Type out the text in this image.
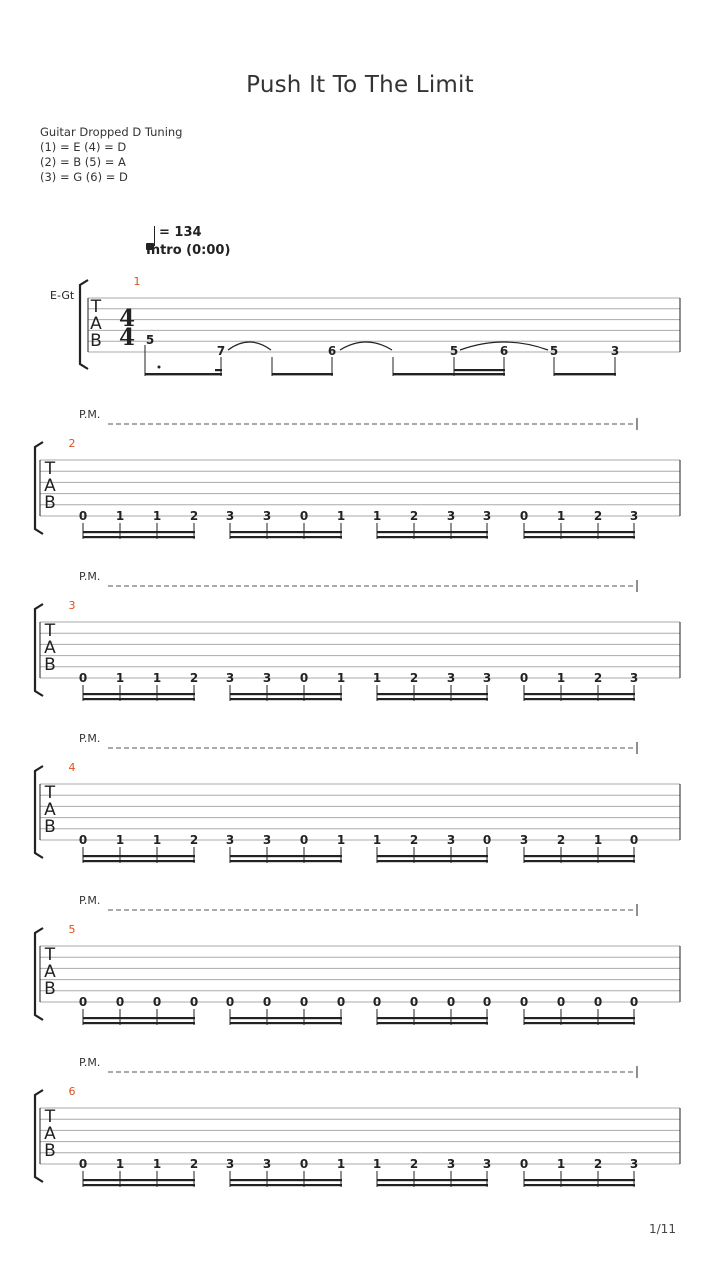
Push It To The Limit
Guitar Dropped D Tuning
(1) = E (4) = D
(2) = B (5) = A
(3) = G (6) = D
= 134
Intro (0:00)
E-Gt
1/11
T
A
B
4
4
1
5
7	6	5	6	5	3
P.M.
T
A
B
2
0 1 1 2 3 3 0 1 1 2 3 3 0 1 2 3
P.M.
T
A
B
3
0 1 1 2 3 3 0 1 1 2 3 3 0 1 2 3
P.M.
T
A
B
4
0 1 1 2 3 3 0 1 1 2 3 0 3 2 1 0
P.M.
T
A
B
5
0 0 0 0 0 0 0 0 0 0 0 0 0 0 0 0
P.M.
T
A
B
6
0 1 1 2 3 3 0 1 1 2 3 3 0 1 2 3
